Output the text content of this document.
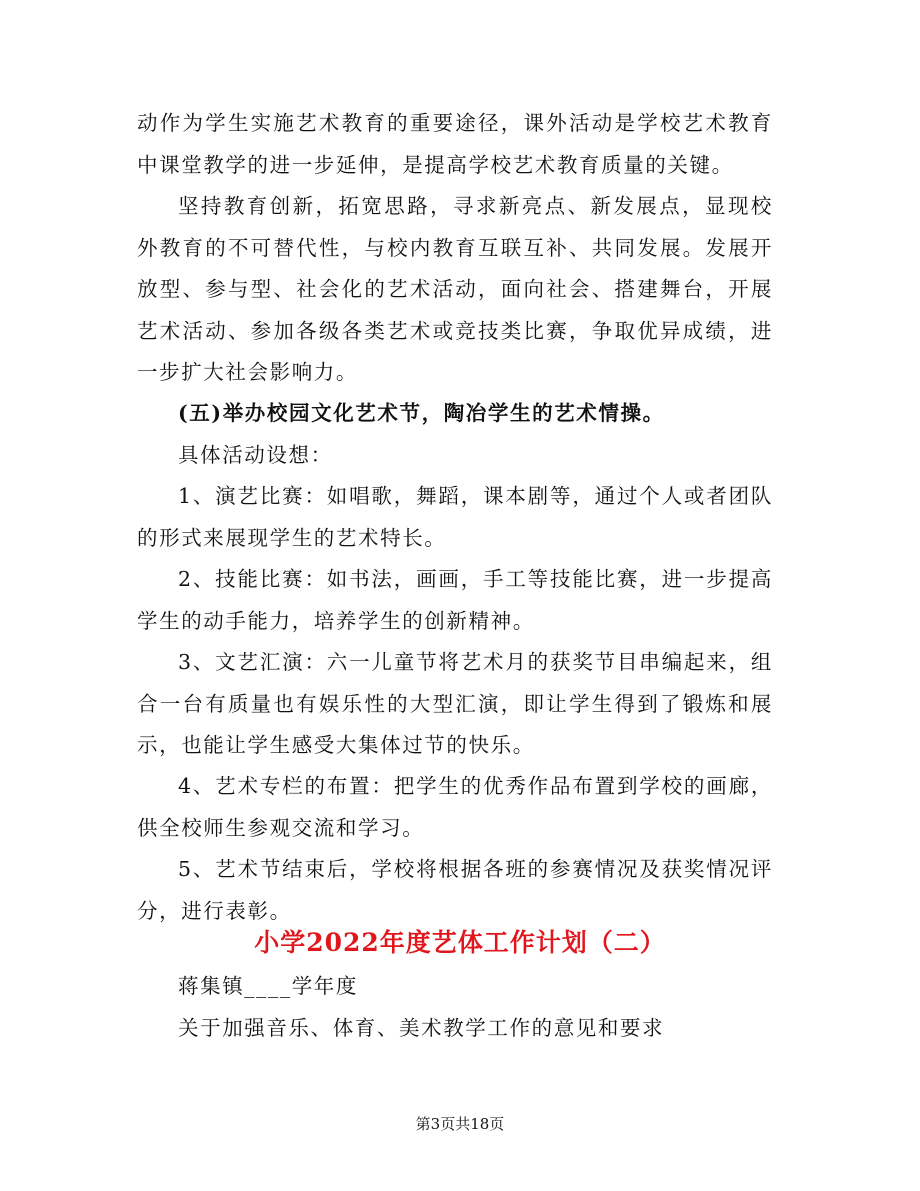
动作为学生实施艺术教育的重要途径，课外活动是学校艺术教育中课堂教学的进一步延伸，是提高学校艺术教育质量的关键。

坚持教育创新，拓宽思路，寻求新亮点、新发展点，显现校外教育的不可替代性，与校内教育互联互补、共同发展。发展开放型、参与型、社会化的艺术活动，面向社会、搭建舞台，开展艺术活动、参加各级各类艺术或竞技类比赛，争取优异成绩，进一步扩大社会影响力。

(五)举办校园文化艺术节，陶冶学生的艺术情操。

具体活动设想：

1、演艺比赛：如唱歌，舞蹈，课本剧等，通过个人或者团队的形式来展现学生的艺术特长。

2、技能比赛：如书法，画画，手工等技能比赛，进一步提高学生的动手能力，培养学生的创新精神。

3、文艺汇演：六一儿童节将艺术月的获奖节目串编起来，组合一台有质量也有娱乐性的大型汇演，即让学生得到了锻炼和展示，也能让学生感受大集体过节的快乐。

4、艺术专栏的布置：把学生的优秀作品布置到学校的画廊，供全校师生参观交流和学习。

5、艺术节结束后，学校将根据各班的参赛情况及获奖情况评分，进行表彰。

小学2022年度艺体工作计划（二）

蒋集镇____学年度

关于加强音乐、体育、美术教学工作的意见和要求

第3页共18页
